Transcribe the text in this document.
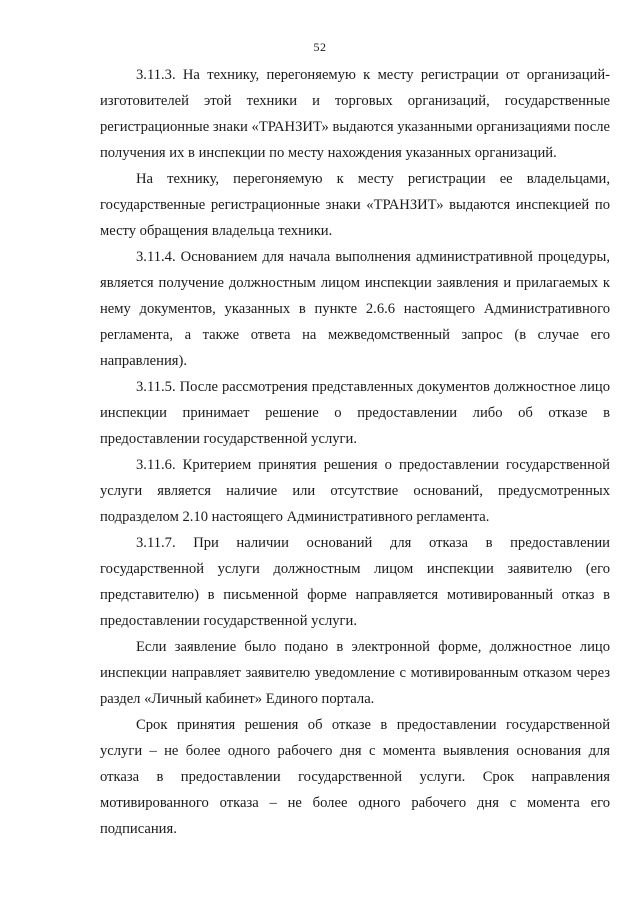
52

3.11.3. На технику, перегоняемую к месту регистрации от организаций-изготовителей этой техники и торговых организаций, государственные регистрационные знаки «ТРАНЗИТ» выдаются указанными организациями после получения их в инспекции по месту нахождения указанных организаций.

На технику, перегоняемую к месту регистрации ее владельцами, государственные регистрационные знаки «ТРАНЗИТ» выдаются инспекцией по месту обращения владельца техники.

3.11.4. Основанием для начала выполнения административной процедуры, является получение должностным лицом инспекции заявления и прилагаемых к нему документов, указанных в пункте 2.6.6 настоящего Административного регламента, а также ответа на межведомственный запрос (в случае его направления).

3.11.5. После рассмотрения представленных документов должностное лицо инспекции принимает решение о предоставлении либо об отказе в предоставлении государственной услуги.

3.11.6. Критерием принятия решения о предоставлении государственной услуги является наличие или отсутствие оснований, предусмотренных подразделом 2.10 настоящего Административного регламента.

3.11.7. При наличии оснований для отказа в предоставлении государственной услуги должностным лицом инспекции заявителю (его представителю) в письменной форме направляется мотивированный отказ в предоставлении государственной услуги.

Если заявление было подано в электронной форме, должностное лицо инспекции направляет заявителю уведомление с мотивированным отказом через раздел «Личный кабинет» Единого портала.

Срок принятия решения об отказе в предоставлении государственной услуги – не более одного рабочего дня с момента выявления основания для отказа в предоставлении государственной услуги. Срок направления мотивированного отказа – не более одного рабочего дня с момента его подписания.
